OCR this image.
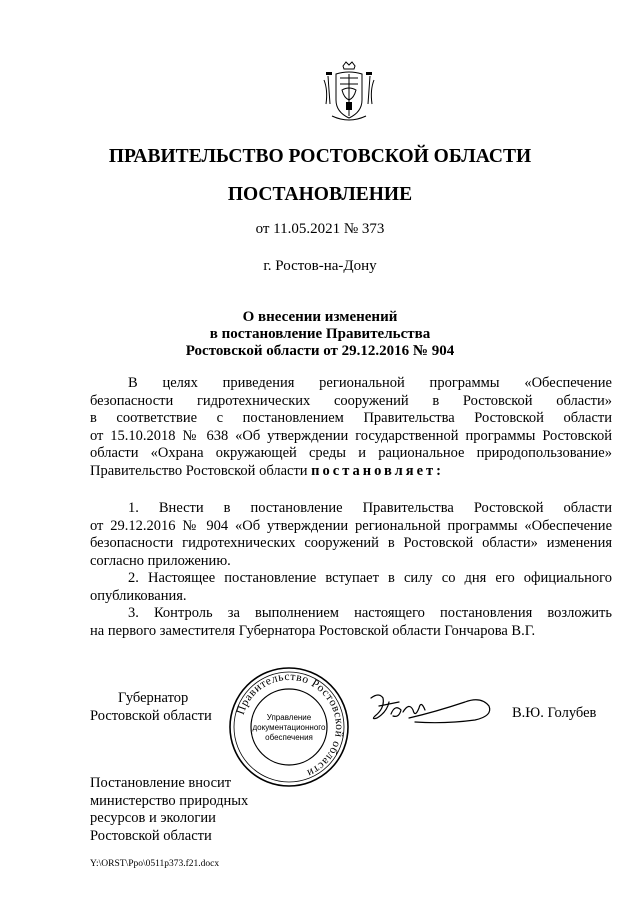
ПРАВИТЕЛЬСТВО РОСТОВСКОЙ ОБЛАСТИ
ПОСТАНОВЛЕНИЕ
от 11.05.2021 № 373
г. Ростов-на-Дону
О внесении изменений
в постановление Правительства
Ростовской области от 29.12.2016 № 904
В целях приведения региональной программы «Обеспечение
безопасности гидротехнических сооружений в Ростовской области»
в соответствие с постановлением Правительства Ростовской области
от 15.10.2018 № 638 «Об утверждении государственной программы Ростовской
области «Охрана окружающей среды и рациональное природопользование»
Правительство Ростовской области постановляет:
1. Внести в постановление Правительства Ростовской области
от 29.12.2016 № 904 «Об утверждении региональной программы «Обеспечение
безопасности гидротехнических сооружений в Ростовской области» изменения
согласно приложению.
2. Настоящее постановление вступает в силу со дня его официального
опубликования.
3. Контроль за выполнением настоящего постановления возложить
на первого заместителя Губернатора Ростовской области Гончарова В.Г.
Губернатор
Ростовской области Правительство Ростовской области
Управление
документационного
обеспечения
В.Ю. Голубев
Постановление вносит
министерство природных
ресурсов и экологии
Ростовской области
Y:\ORST\Ppo\0511p373.f21.docx
